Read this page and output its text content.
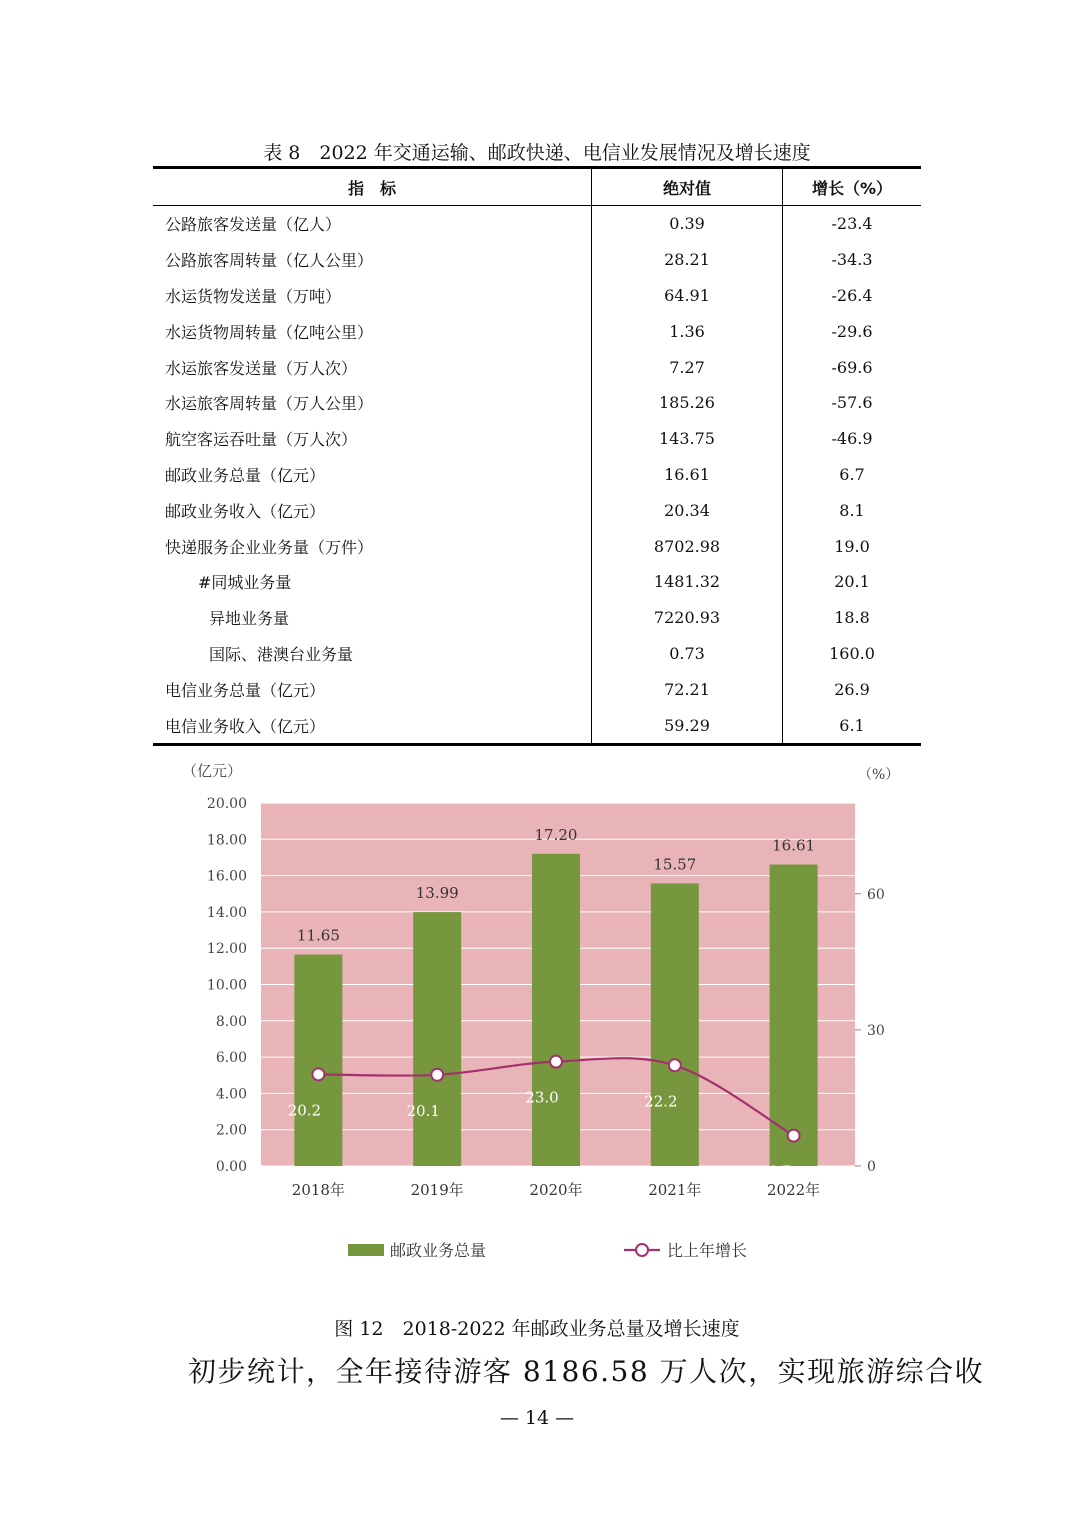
表 8　2022 年交通运输、邮政快递、电信业发展情况及增长速度
指　标	绝对值	增长（%）
公路旅客发送量（亿人）	0.39	-23.4
公路旅客周转量（亿人公里）	28.21	-34.3
水运货物发送量（万吨）	64.91	-26.4
水运货物周转量（亿吨公里）	1.36	-29.6
水运旅客发送量（万人次）	7.27	-69.6
水运旅客周转量（万人公里）	185.26	-57.6
航空客运吞吐量（万人次）	143.75	-46.9
邮政业务总量（亿元）	16.61	6.7
邮政业务收入（亿元）	20.34	8.1
快递服务企业业务量（万件）	8702.98	19.0
#同城业务量	1481.32	20.1
异地业务量	7220.93	18.8
国际、港澳台业务量	0.73	160.0
电信业务总量（亿元）	72.21	26.9
电信业务收入（亿元）	59.29	6.1
11.65
13.99
17.20
15.57
16.61
20.2	20.1
23.0	22.2
6.7
0.00
2.00
4.00
6.00
8.00
10.00
12.00
14.00
16.00
18.00
20.00
0
30
60
2018年	2019年	2020年	2021年	2022年
（亿元）	（%）
邮政业务总量	比上年增长
图 12　2018-2022 年邮政业务总量及增长速度
初步统计，全年接待游客 8186.58 万人次，实现旅游综合收
— 14 —
